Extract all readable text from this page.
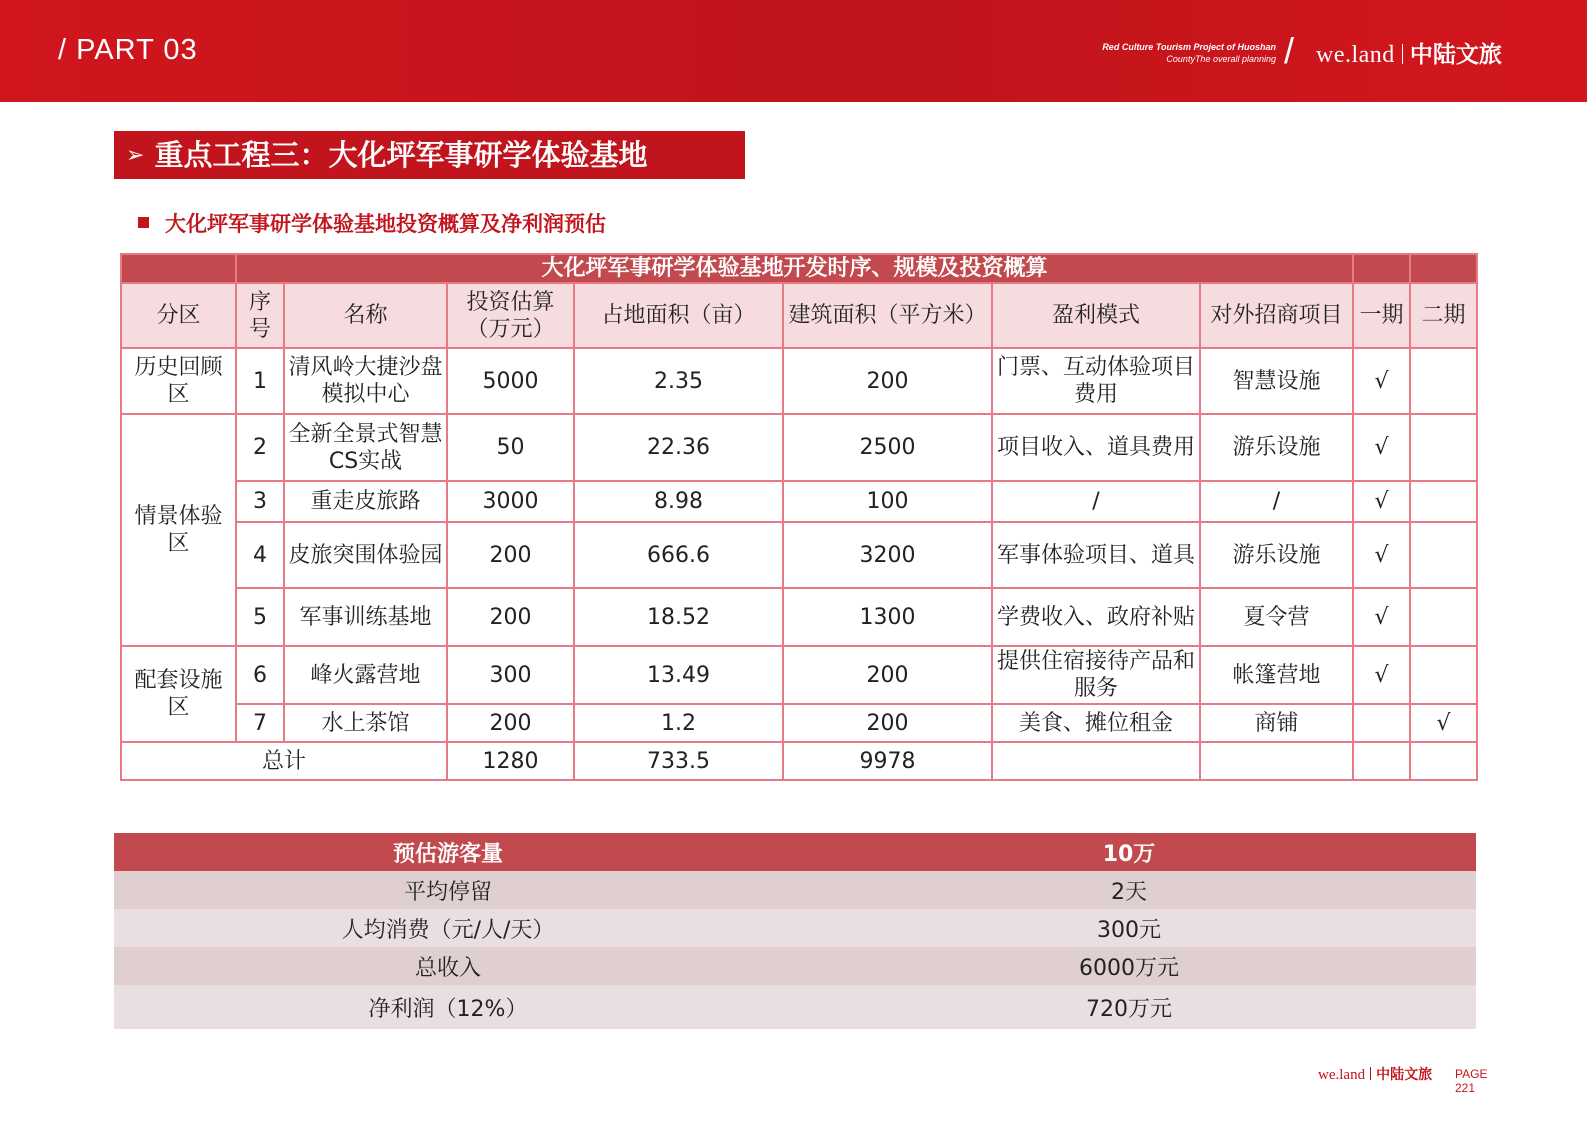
/ PART 03	Red Culture Tourism Project of Huoshan
CountyThe overall planning / we.land 中陆文旅
➢ 重点工程三：大化坪军事研学体验基地
大化坪军事研学体验基地投资概算及净利润预估
	大化坪军事研学体验基地开发时序、规模及投资概算								
分区	序号	名称	投资估算（万元）	占地面积（亩）	建筑面积（平方米）	盈利模式	对外招商项目	一期	二期
历史回顾区	1	清风岭大捷沙盘模拟中心	5000	2.35	200	门票、互动体验项目费用	智慧设施	√	
情景体验区	2	全新全景式智慧CS实战	50	22.36	2500	项目收入、道具费用	游乐设施	√	
	3	重走皮旅路	3000	8.98	100	/	/	√	
	4	皮旅突围体验园	200	666.6	3200	军事体验项目、道具	游乐设施	√	
	5	军事训练基地	200	18.52	1300	学费收入、政府补贴	夏令营	√	
配套设施区	6	峰火露营地	300	13.49	200	提供住宿接待产品和服务	帐篷营地	√	
	7	水上茶馆	200	1.2	200	美食、摊位租金	商铺		√
总计			1280	733.5	9978				
预估游客量	10万
平均停留	2天
人均消费（元/人/天）	300元
总收入	6000万元
净利润（12%）	720万元
we.land 中陆文旅 PAGE
221
